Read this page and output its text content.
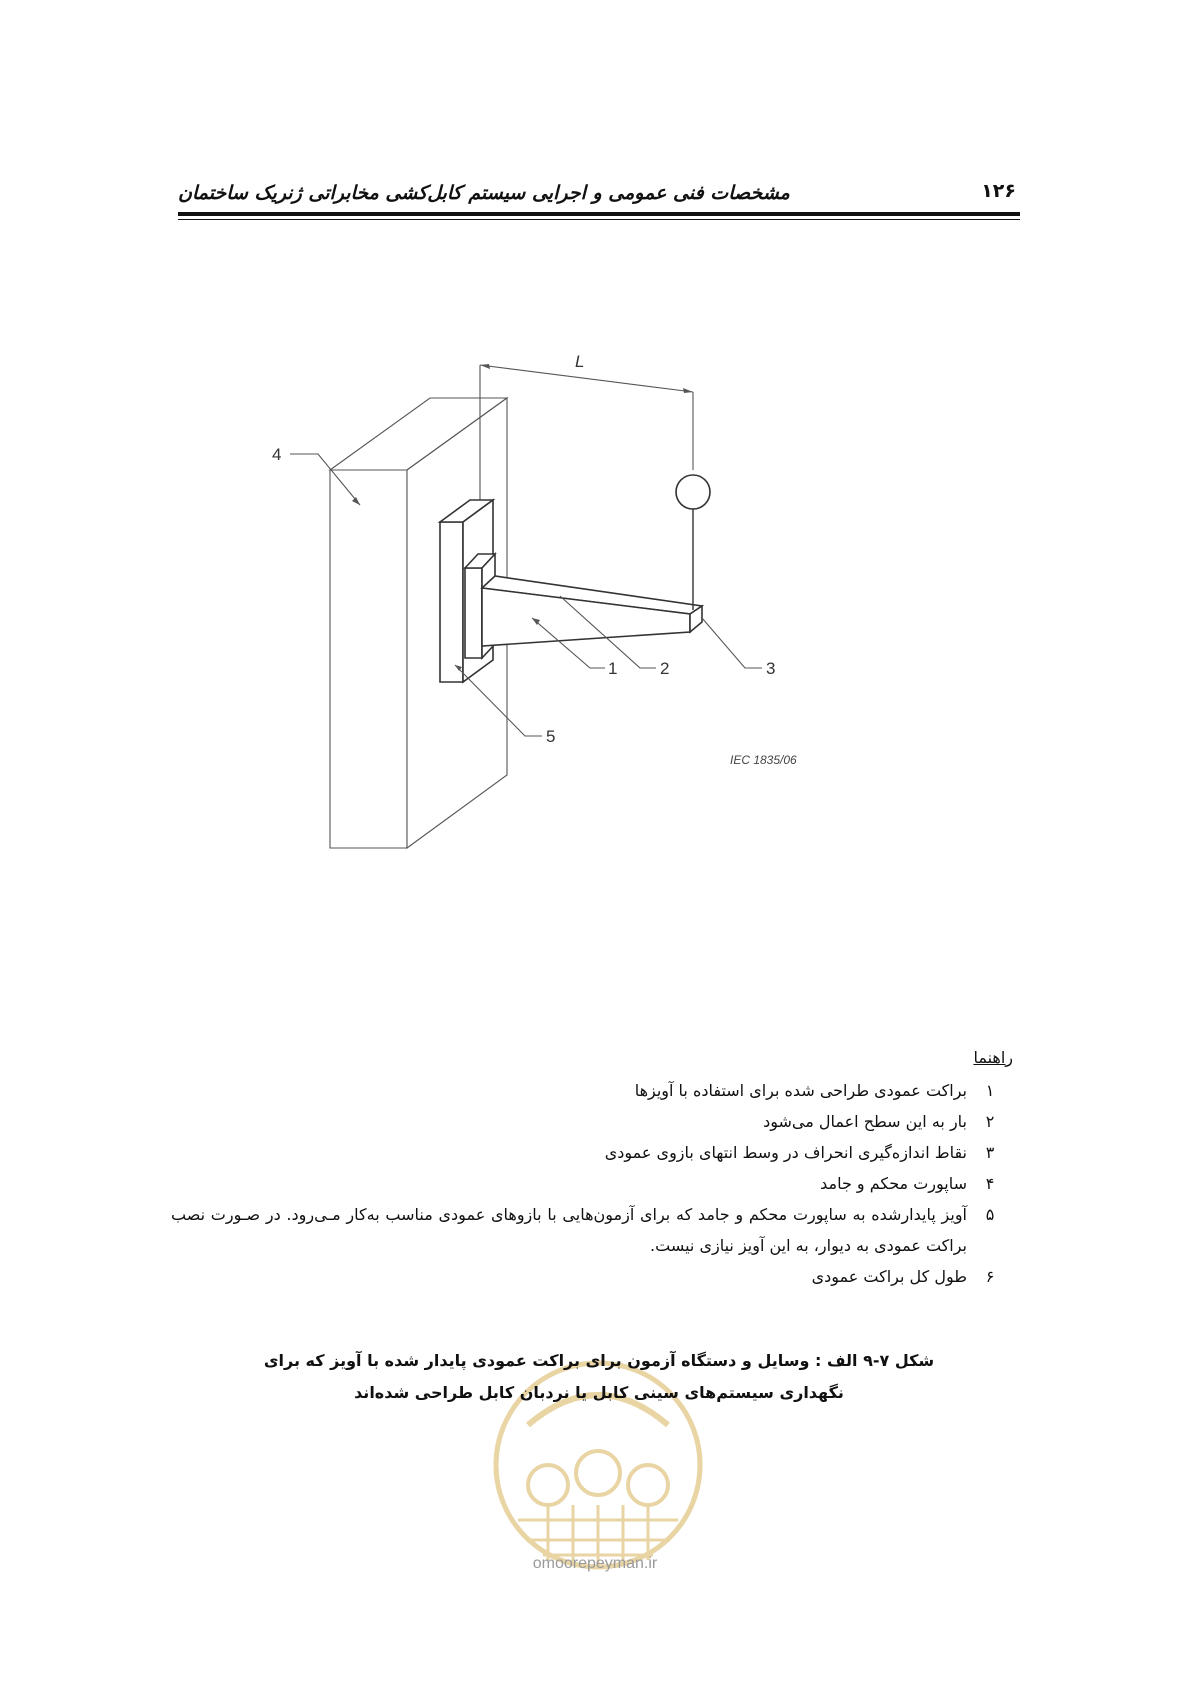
مشخصات فنی عمومی و اجرایی سیستم کابل‌کشی مخابراتی ژنریک ساختمان	۱۲۶
L
4
1	2	3
5
IEC 1835/06
راهنما
۱
براکت عمودی طراحی شده برای استفاده با آویزها
۲
بار به این سطح اعمال می‌شود
۳
نقاط اندازه‌گیری انحراف در وسط انتهای بازوی عمودی
۴
ساپورت محکم و جامد
۵
آویز پایدارشده به ساپورت محکم و جامد که برای آزمون‌هایی با بازوهای عمودی مناسب به‌کار مـی‌رود. در صـورت نصب براکت عمودی به دیوار، به این آویز نیازی نیست.
۶
طول کل براکت عمودی
omoorepeyman.ir
شکل ۷-۹ الف : وسایل و دستگاه آزمون برای براکت عمودی پایدار شده با آویز که برای
نگهداری سیستم‌های سینی کابل یا نردبان کابل طراحی شده‌اند
